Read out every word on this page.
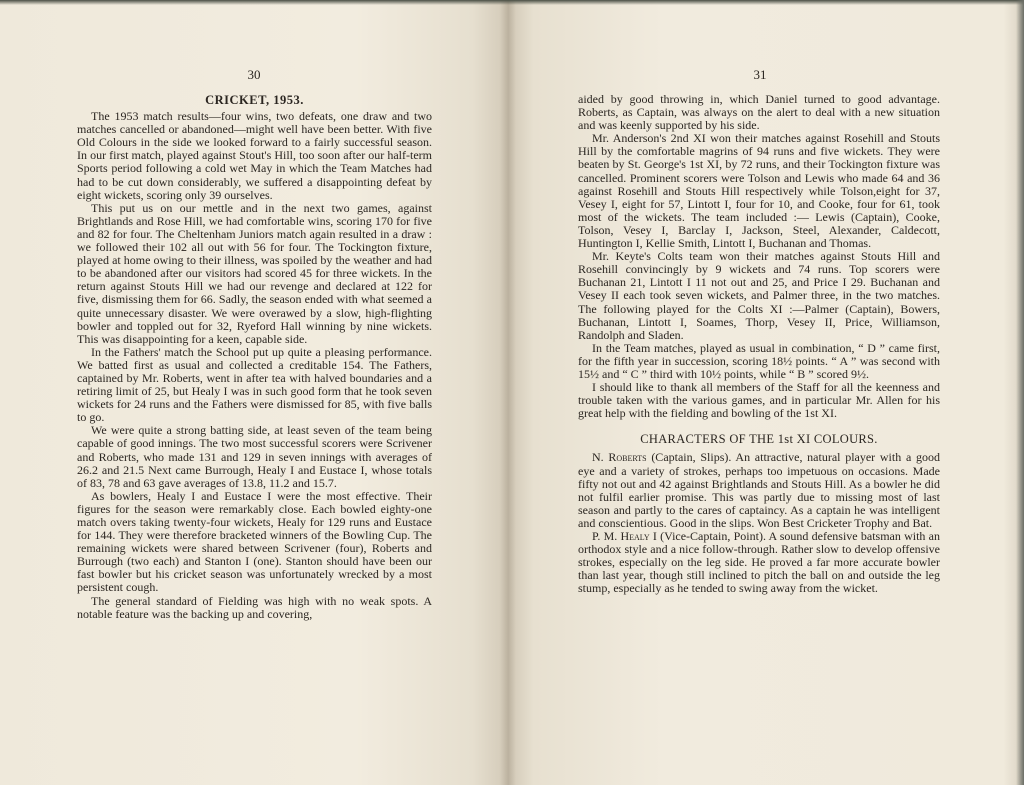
30

CRICKET, 1953.

The 1953 match results—four wins, two defeats, one draw and two matches cancelled or abandoned—might well have been better. With five Old Colours in the side we looked forward to a fairly successful season. In our first match, played against Stout's Hill, too soon after our half-term Sports period following a cold wet May in which the Team Matches had had to be cut down considerably, we suffered a disappointing defeat by eight wickets, scoring only 39 ourselves.

This put us on our mettle and in the next two games, against Brightlands and Rose Hill, we had comfortable wins, scoring 170 for five and 82 for four. The Cheltenham Juniors match again resulted in a draw : we followed their 102 all out with 56 for four. The Tockington fixture, played at home owing to their illness, was spoiled by the weather and had to be abandoned after our visitors had scored 45 for three wickets. In the return against Stouts Hill we had our revenge and declared at 122 for five, dismissing them for 66. Sadly, the season ended with what seemed a quite unnecessary disaster. We were overawed by a slow, high-flighting bowler and toppled out for 32, Ryeford Hall winning by nine wickets. This was disappointing for a keen, capable side.

In the Fathers' match the School put up quite a pleasing performance. We batted first as usual and collected a creditable 154. The Fathers, captained by Mr. Roberts, went in after tea with halved boundaries and a retiring limit of 25, but Healy I was in such good form that he took seven wickets for 24 runs and the Fathers were dismissed for 85, with five balls to go.

We were quite a strong batting side, at least seven of the team being capable of good innings. The two most successful scorers were Scrivener and Roberts, who made 131 and 129 in seven innings with averages of 26.2 and 21.5 Next came Burrough, Healy I and Eustace I, whose totals of 83, 78 and 63 gave averages of 13.8, 11.2 and 15.7.

As bowlers, Healy I and Eustace I were the most effective. Their figures for the season were remarkably close. Each bowled eighty-one match overs taking twenty-four wickets, Healy for 129 runs and Eustace for 144. They were therefore bracketed winners of the Bowling Cup. The remaining wickets were shared between Scrivener (four), Roberts and Burrough (two each) and Stanton I (one). Stanton should have been our fast bowler but his cricket season was unfortunately wrecked by a most persistent cough.

The general standard of Fielding was high with no weak spots. A notable feature was the backing up and covering,

31

aided by good throwing in, which Daniel turned to good advantage. Roberts, as Captain, was always on the alert to deal with a new situation and was keenly supported by his side.

Mr. Anderson's 2nd XI won their matches against Rosehill and Stouts Hill by the comfortable magrins of 94 runs and five wickets. They were beaten by St. George's 1st XI, by 72 runs, and their Tockington fixture was cancelled. Prominent scorers were Tolson and Lewis who made 64 and 36 against Rosehill and Stouts Hill respectively while Tolson,eight for 37, Vesey I, eight for 57, Lintott I, four for 10, and Cooke, four for 61, took most of the wickets. The team included :— Lewis (Captain), Cooke, Tolson, Vesey I, Barclay I, Jackson, Steel, Alexander, Caldecott, Huntington I, Kellie Smith, Lintott I, Buchanan and Thomas.

Mr. Keyte's Colts team won their matches against Stouts Hill and Rosehill convincingly by 9 wickets and 74 runs. Top scorers were Buchanan 21, Lintott I 11 not out and 25, and Price I 29. Buchanan and Vesey II each took seven wickets, and Palmer three, in the two matches. The following played for the Colts XI :—Palmer (Captain), Bowers, Buchanan, Lintott I, Soames, Thorp, Vesey II, Price, Williamson, Randolph and Sladen.

In the Team matches, played as usual in combination, “ D ” came first, for the fifth year in succession, scoring 18½ points. “ A ” was second with 15½ and “ C ” third with 10½ points, while “ B ” scored 9½.

I should like to thank all members of the Staff for all the keenness and trouble taken with the various games, and in particular Mr. Allen for his great help with the fielding and bowling of the 1st XI.

CHARACTERS OF THE 1st XI COLOURS.

N. Roberts (Captain, Slips). An attractive, natural player with a good eye and a variety of strokes, perhaps too impetuous on occasions. Made fifty not out and 42 against Brightlands and Stouts Hill. As a bowler he did not fulfil earlier promise. This was partly due to missing most of last season and partly to the cares of captaincy. As a captain he was intelligent and conscientious. Good in the slips. Won Best Cricketer Trophy and Bat.

P. M. Healy I (Vice-Captain, Point). A sound defensive batsman with an orthodox style and a nice follow-through. Rather slow to develop offensive strokes, especially on the leg side. He proved a far more accurate bowler than last year, though still inclined to pitch the ball on and outside the leg stump, especially as he tended to swing away from the wicket.
